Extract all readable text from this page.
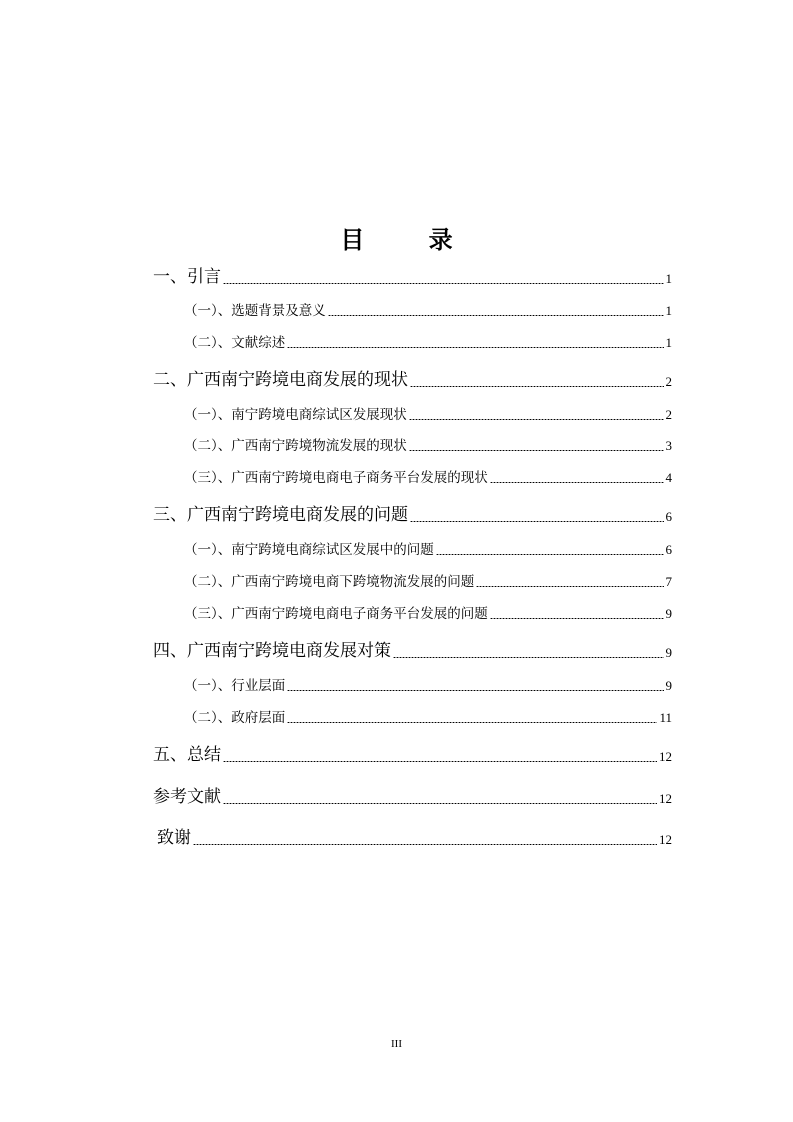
目 录
一、引言	1
（一）、选题背景及意义	1
（二）、文献综述	1
二、广西南宁跨境电商发展的现状	2
（一）、南宁跨境电商综试区发展现状	2
（二）、广西南宁跨境物流发展的现状	3
（三）、广西南宁跨境电商电子商务平台发展的现状	4
三、广西南宁跨境电商发展的问题	6
（一）、南宁跨境电商综试区发展中的问题	6
（二）、广西南宁跨境电商下跨境物流发展的问题	7
（三）、广西南宁跨境电商电子商务平台发展的问题	9
四、广西南宁跨境电商发展对策	9
（一）、行业层面	9
（二）、政府层面	11
五、总结	12
参考文献	12
致谢	12
III
